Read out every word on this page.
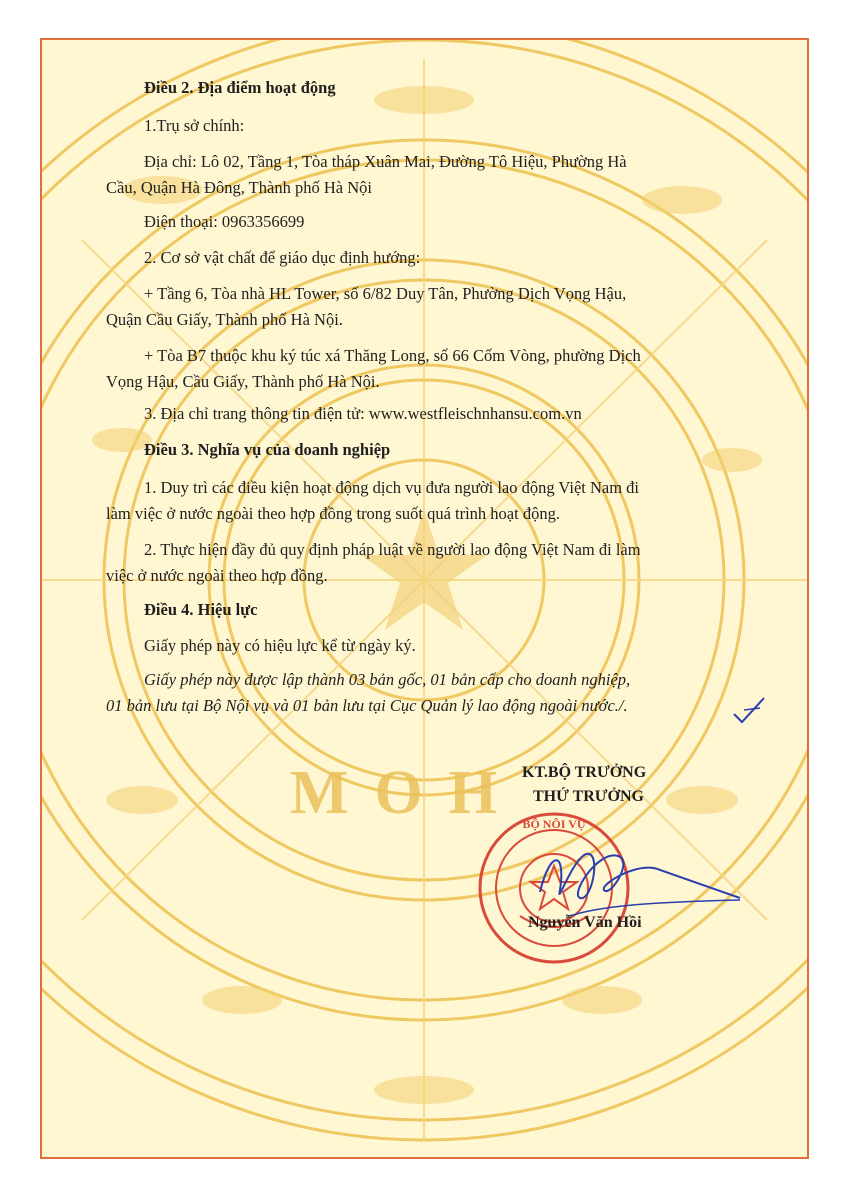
Điều 2. Địa điểm hoạt động
1.Trụ sở chính:
Địa chỉ: Lô 02, Tầng 1, Tòa tháp Xuân Mai, Đường Tô Hiệu, Phường Hà
Cầu, Quận Hà Đông, Thành phố Hà Nội
Điện thoại: 0963356699
2. Cơ sở vật chất để giáo dục định hướng:
+ Tầng 6, Tòa nhà HL Tower, số 6/82 Duy Tân, Phường Dịch Vọng Hậu,
Quận Cầu Giấy, Thành phố Hà Nội.
+ Tòa B7 thuộc khu ký túc xá Thăng Long, số 66 Cốm Vòng, phường Dịch
Vọng Hậu, Cầu Giấy, Thành phố Hà Nội.
3. Địa chỉ trang thông tin điện tử: www.westfleischnhansu.com.vn
Điều 3. Nghĩa vụ của doanh nghiệp
1. Duy trì các điều kiện hoạt động dịch vụ đưa người lao động Việt Nam đi
làm việc ở nước ngoài theo hợp đồng trong suốt quá trình hoạt động.
2. Thực hiện đầy đủ quy định pháp luật về người lao động Việt Nam đi làm
việc ở nước ngoài theo hợp đồng.
Điều 4. Hiệu lực
Giấy phép này có hiệu lực kể từ ngày ký.
Giấy phép này được lập thành 03 bản gốc, 01 bản cấp cho doanh nghiệp,
01 bản lưu tại Bộ Nội vụ và 01 bản lưu tại Cục Quản lý lao động ngoài nước./.
MOH KT.BỘ TRƯỞNG
THỨ TRƯỞNG
BỘ NỘI VỤ
Nguyễn Văn Hồi
